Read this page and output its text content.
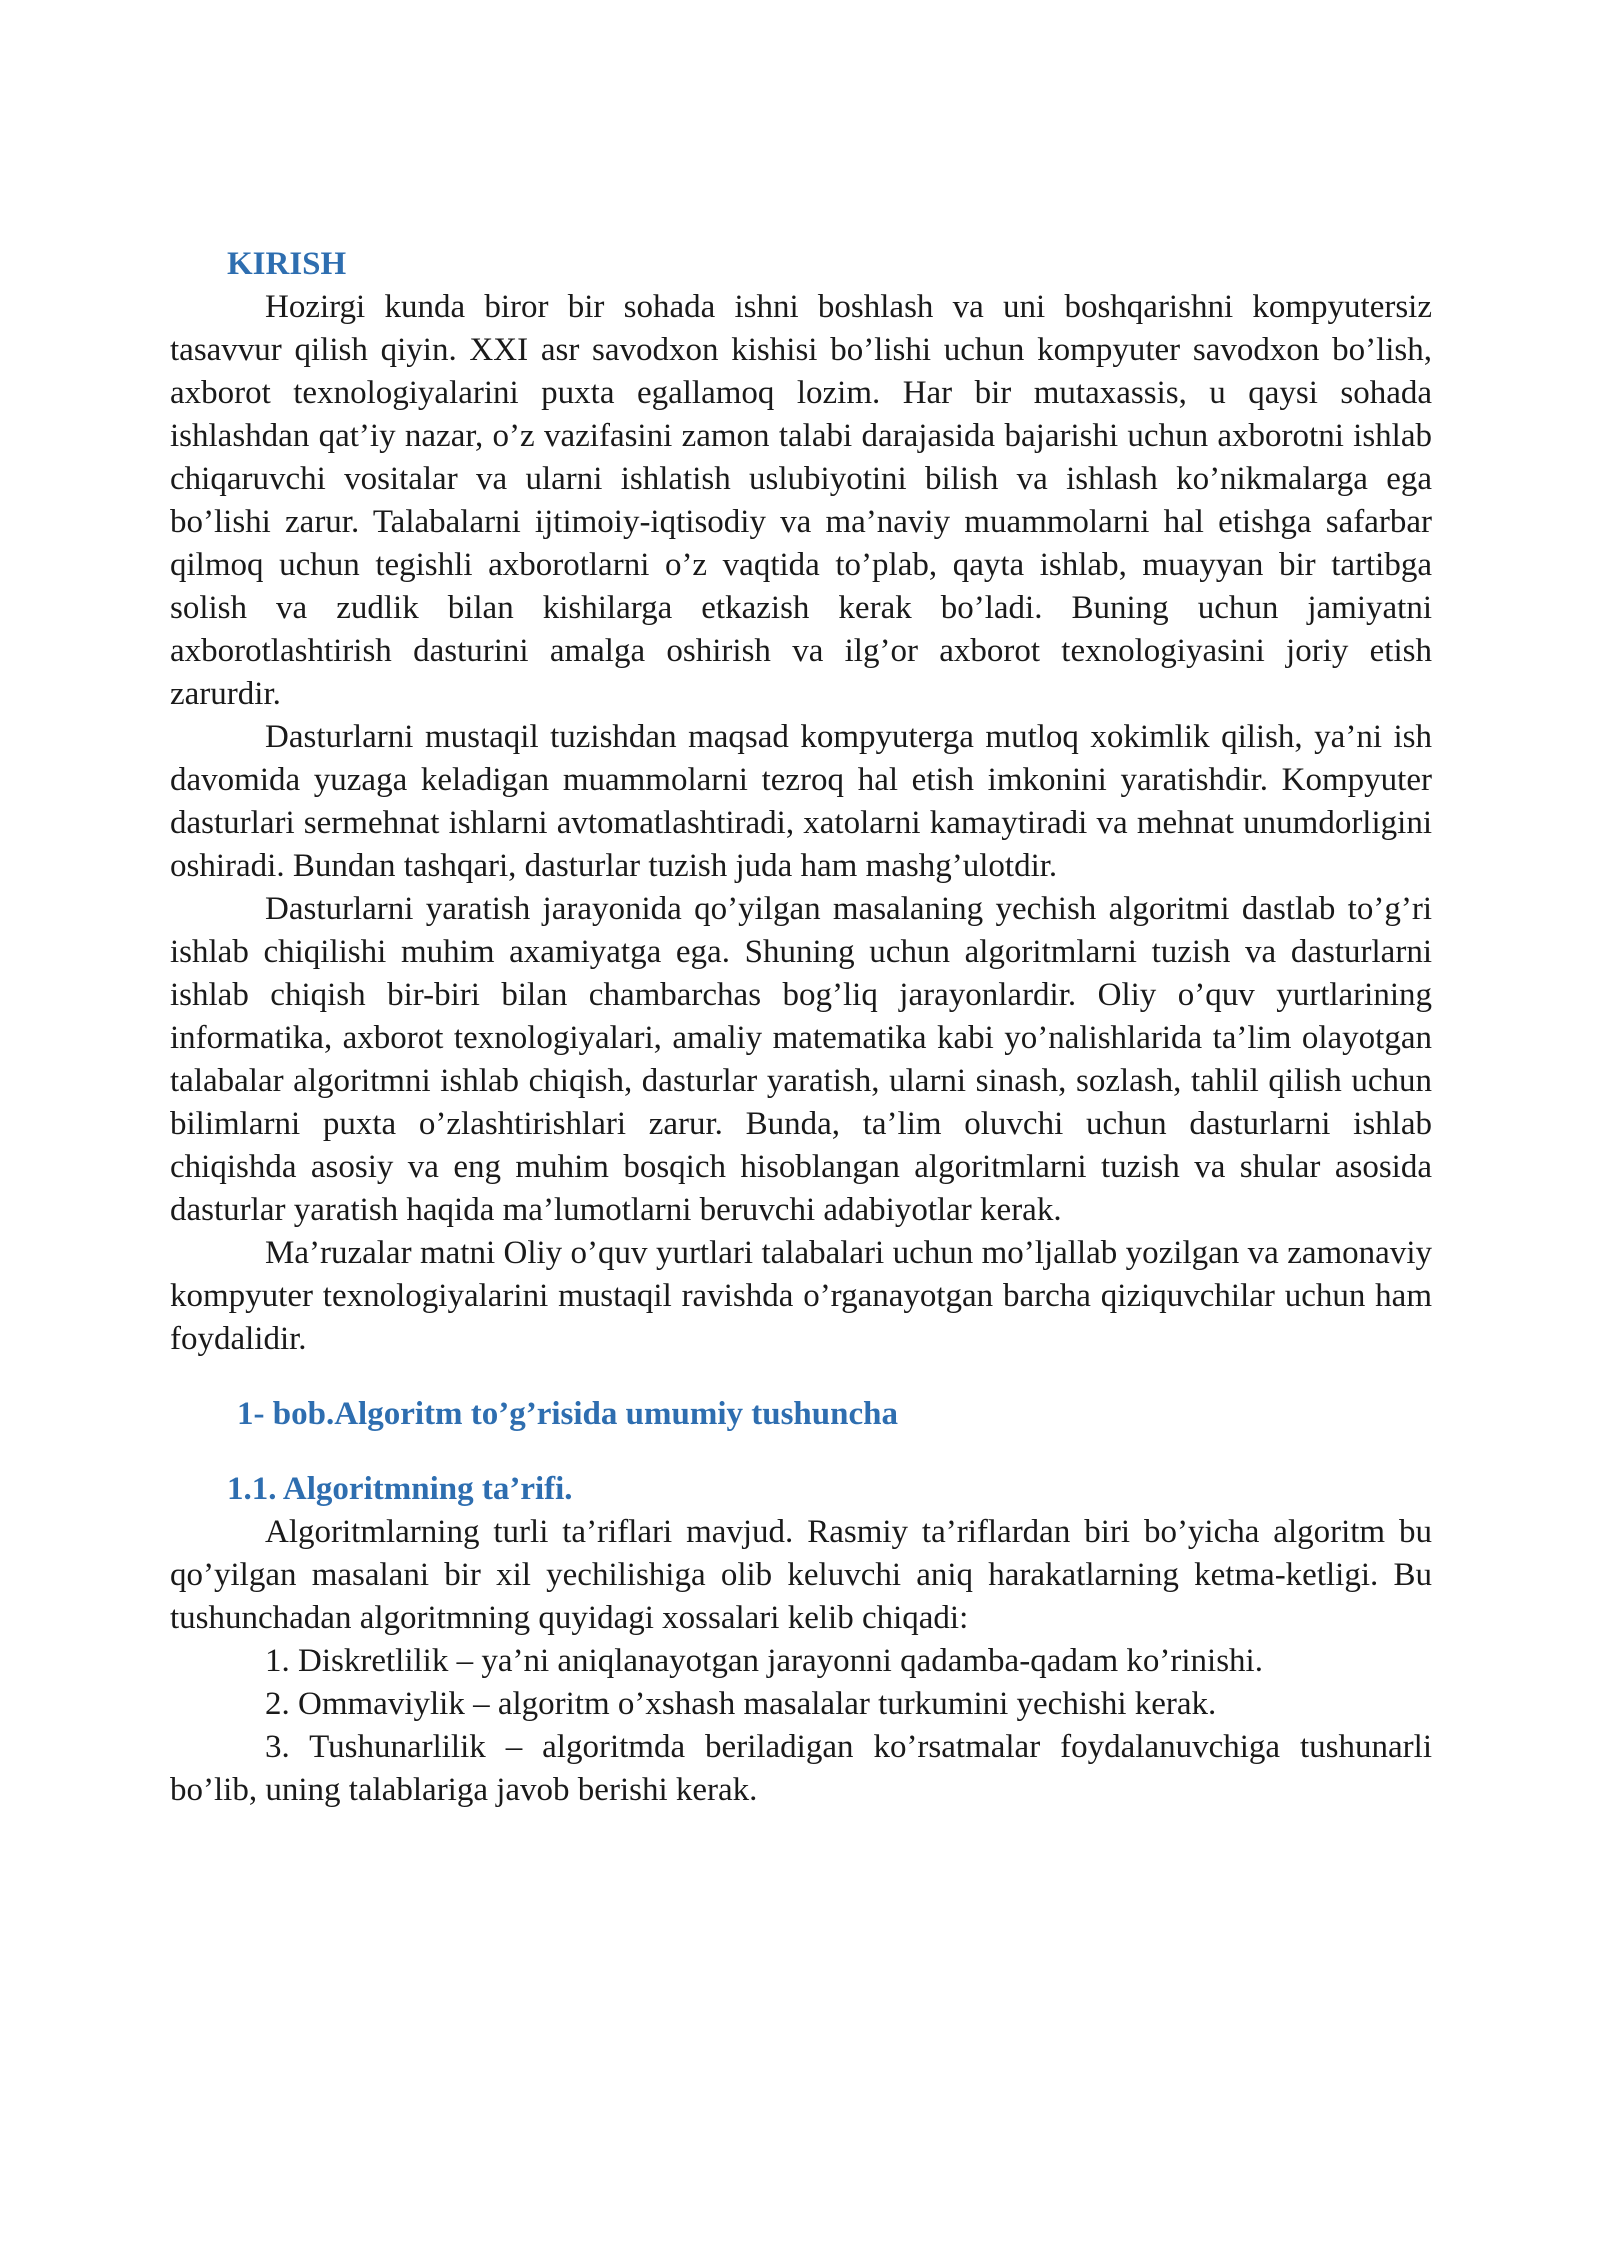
KIRISH

Hozirgi kunda biror bir sohada ishni boshlash va uni boshqarishni kompyutersiz tasavvur qilish qiyin. XXI asr savodxon kishisi bo’lishi uchun kompyuter savodxon bo’lish, axborot texnologiyalarini puxta egallamoq lozim. Har bir mutaxassis, u qaysi sohada ishlashdan qat’iy nazar, o’z vazifasini zamon talabi darajasida bajarishi uchun axborotni ishlab chiqaruvchi vositalar va ularni ishlatish uslubiyotini bilish va ishlash ko’nikmalarga ega bo’lishi zarur. Talabalarni ijtimoiy-iqtisodiy va ma’naviy muammolarni hal etishga safarbar qilmoq uchun tegishli axborotlarni o’z vaqtida to’plab, qayta ishlab, muayyan bir tartibga solish va zudlik bilan kishilarga etkazish kerak bo’ladi. Buning uchun jamiyatni axborotlashtirish dasturini amalga oshirish va ilg’or axborot texnologiyasini joriy etish zarurdir.

Dasturlarni mustaqil tuzishdan maqsad kompyuterga mutloq xokimlik qilish, ya’ni ish davomida yuzaga keladigan muammolarni tezroq hal etish imkonini yaratishdir. Kompyuter dasturlari sermehnat ishlarni avtomatlashtiradi, xatolarni kamaytiradi va mehnat unumdorligini oshiradi. Bundan tashqari, dasturlar tuzish juda ham mashg’ulotdir.

Dasturlarni yaratish jarayonida qo’yilgan masalaning yechish algoritmi dastlab to’g’ri ishlab chiqilishi muhim axamiyatga ega. Shuning uchun algoritmlarni tuzish va dasturlarni ishlab chiqish bir-biri bilan chambarchas bog’liq jarayonlardir. Oliy o’quv yurtlarining informatika, axborot texnologiyalari, amaliy matematika kabi yo’nalishlarida ta’lim olayotgan talabalar algoritmni ishlab chiqish, dasturlar yaratish, ularni sinash, sozlash, tahlil qilish uchun bilimlarni puxta o’zlashtirishlari zarur. Bunda, ta’lim oluvchi uchun dasturlarni ishlab chiqishda asosiy va eng muhim bosqich hisoblangan algoritmlarni tuzish va shular asosida dasturlar yaratish haqida ma’lumotlarni beruvchi adabiyotlar kerak.

Ma’ruzalar matni Oliy o’quv yurtlari talabalari uchun mo’ljallab yozilgan va zamonaviy kompyuter texnologiyalarini mustaqil ravishda o’rganayotgan barcha qiziquvchilar uchun ham foydalidir.

1- bob.Algoritm to’g’risida umumiy tushuncha
1.1. Algoritmning ta’rifi.

Algoritmlarning turli ta’riflari mavjud. Rasmiy ta’riflardan biri bo’yicha algoritm bu qo’yilgan masalani bir xil yechilishiga olib keluvchi aniq harakatlarning ketma-ketligi. Bu tushunchadan algoritmning quyidagi xossalari kelib chiqadi:

1. Diskretlilik – ya’ni aniqlanayotgan jarayonni qadamba-qadam ko’rinishi.

2. Ommaviylik – algoritm o’xshash masalalar turkumini yechishi kerak.

3. Tushunarlilik – algoritmda beriladigan ko’rsatmalar foydalanuvchiga tushunarli bo’lib, uning talablariga javob berishi kerak.
